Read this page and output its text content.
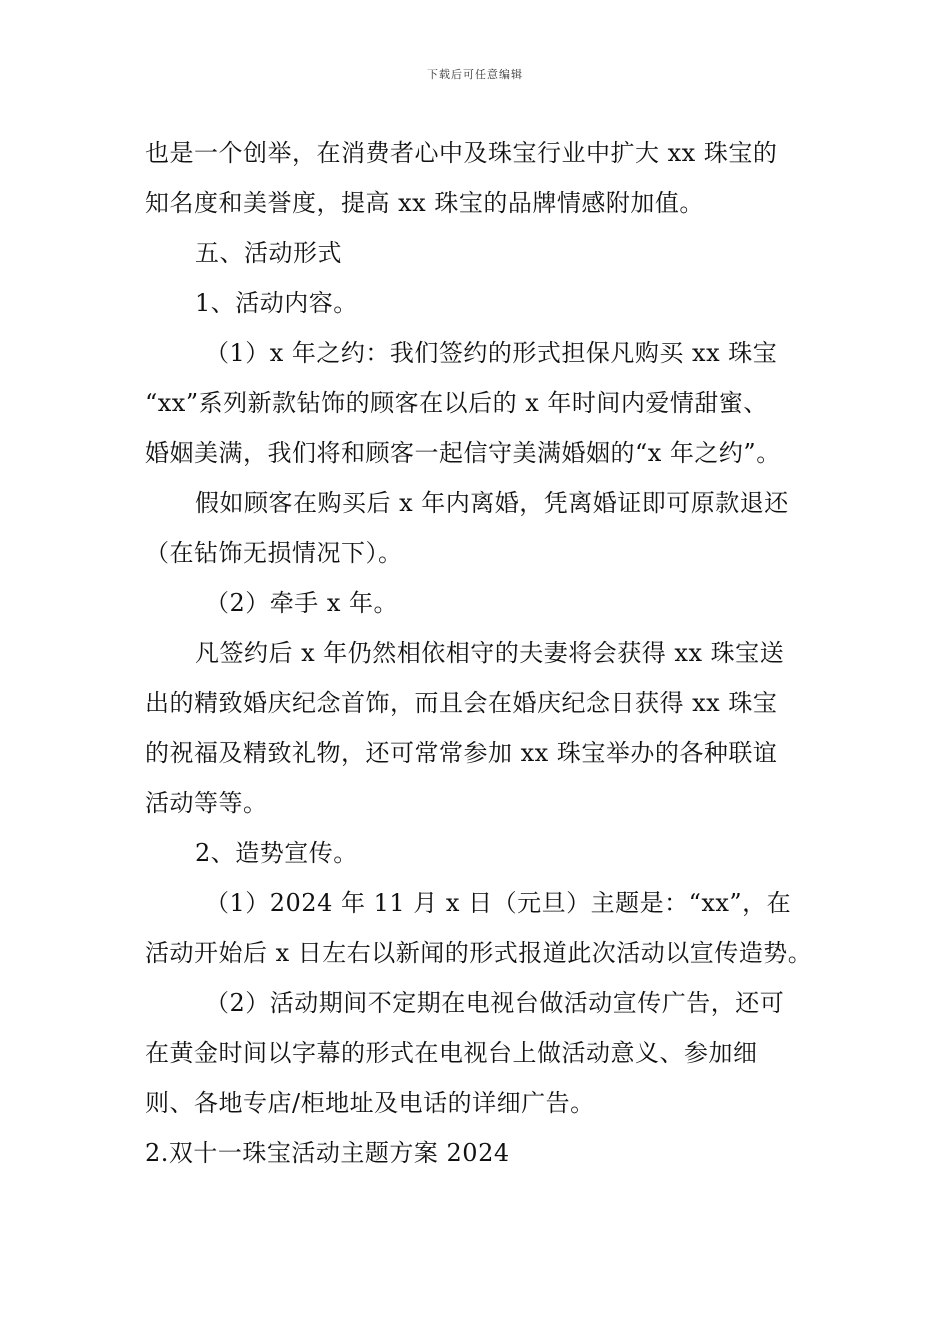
下载后可任意编辑
也是一个创举，在消费者心中及珠宝行业中扩大 xx 珠宝的
知名度和美誉度，提高 xx 珠宝的品牌情感附加值。
五、活动形式
1、活动内容。
（1）x 年之约：我们签约的形式担保凡购买 xx 珠宝
“xx”系列新款钻饰的顾客在以后的 x 年时间内爱情甜蜜、
婚姻美满，我们将和顾客一起信守美满婚姻的“x 年之约”。
假如顾客在购买后 x 年内离婚，凭离婚证即可原款退还
（在钻饰无损情况下）。
（2）牵手 x 年。
凡签约后 x 年仍然相依相守的夫妻将会获得 xx 珠宝送
出的精致婚庆纪念首饰，而且会在婚庆纪念日获得 xx 珠宝
的祝福及精致礼物，还可常常参加 xx 珠宝举办的各种联谊
活动等等。
2、造势宣传。
（1）2024 年 11 月 x 日（元旦）主题是：“xx”，在
活动开始后 x 日左右以新闻的形式报道此次活动以宣传造势。
（2）活动期间不定期在电视台做活动宣传广告，还可
在黄金时间以字幕的形式在电视台上做活动意义、参加细
则、各地专店/柜地址及电话的详细广告。
2.双十一珠宝活动主题方案 2024
